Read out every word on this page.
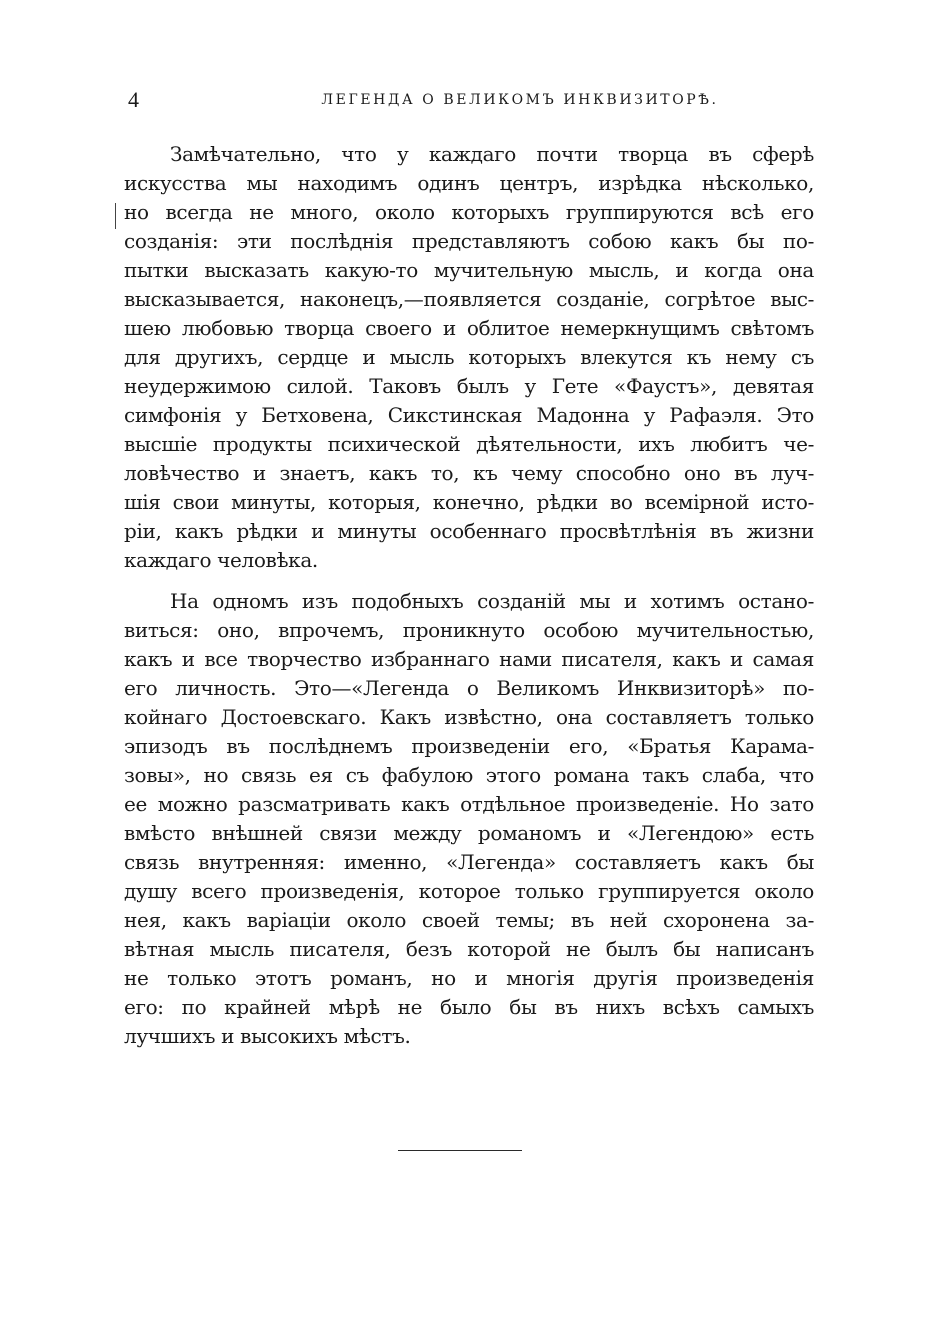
4	ЛЕГЕНДА О ВЕЛИКОМЪ ИНКВИЗИТОРѢ.
Замѣчательно, что у каждаго почти творца въ сферѣ
искусства мы находимъ одинъ центръ, изрѣдка нѣсколько,
но всегда не много, около которыхъ группируются всѣ его
созданія: эти послѣднія представляютъ собою какъ бы по-
пытки высказать какую-то мучительную мысль, и когда она
высказывается, наконецъ,—появляется созданіе, согрѣтое выс-
шею любовью творца своего и облитое немеркнущимъ свѣтомъ
для другихъ, сердце и мысль которыхъ влекутся къ нему съ
неудержимою силой. Таковъ былъ у Гете «Фаустъ», девятая
симфонія у Бетховена, Сикстинская Мадонна у Рафаэля. Это
высшіе продукты психической дѣятельности, ихъ любитъ че-
ловѣчество и знаетъ, какъ то, къ чему способно оно въ луч-
шія свои минуты, которыя, конечно, рѣдки во всемірной исто-
ріи, какъ рѣдки и минуты особеннаго просвѣтлѣнія въ жизни
каждаго человѣка.
На одномъ изъ подобныхъ созданій мы и хотимъ остано-
виться: оно, впрочемъ, проникнуто особою мучительностью,
какъ и все творчество избраннаго нами писателя, какъ и самая
его личность. Это—«Легенда о Великомъ Инквизиторѣ» по-
койнаго Достоевскаго. Какъ извѣстно, она составляетъ только
эпизодъ въ послѣднемъ произведеніи его, «Братья Карама-
зовы», но связь ея съ фабулою этого романа такъ слаба, что
ее можно разсматривать какъ отдѣльное произведеніе. Но зато
вмѣсто внѣшней связи между романомъ и «Легендою» есть
связь внутренняя: именно, «Легенда» составляетъ какъ бы
душу всего произведенія, которое только группируется около
нея, какъ варіаціи около своей темы; въ ней схоронена за-
вѣтная мысль писателя, безъ которой не былъ бы написанъ
не только этотъ романъ, но и многія другія произведенія
его: по крайней мѣрѣ не было бы въ нихъ всѣхъ самыхъ
лучшихъ и высокихъ мѣстъ.
